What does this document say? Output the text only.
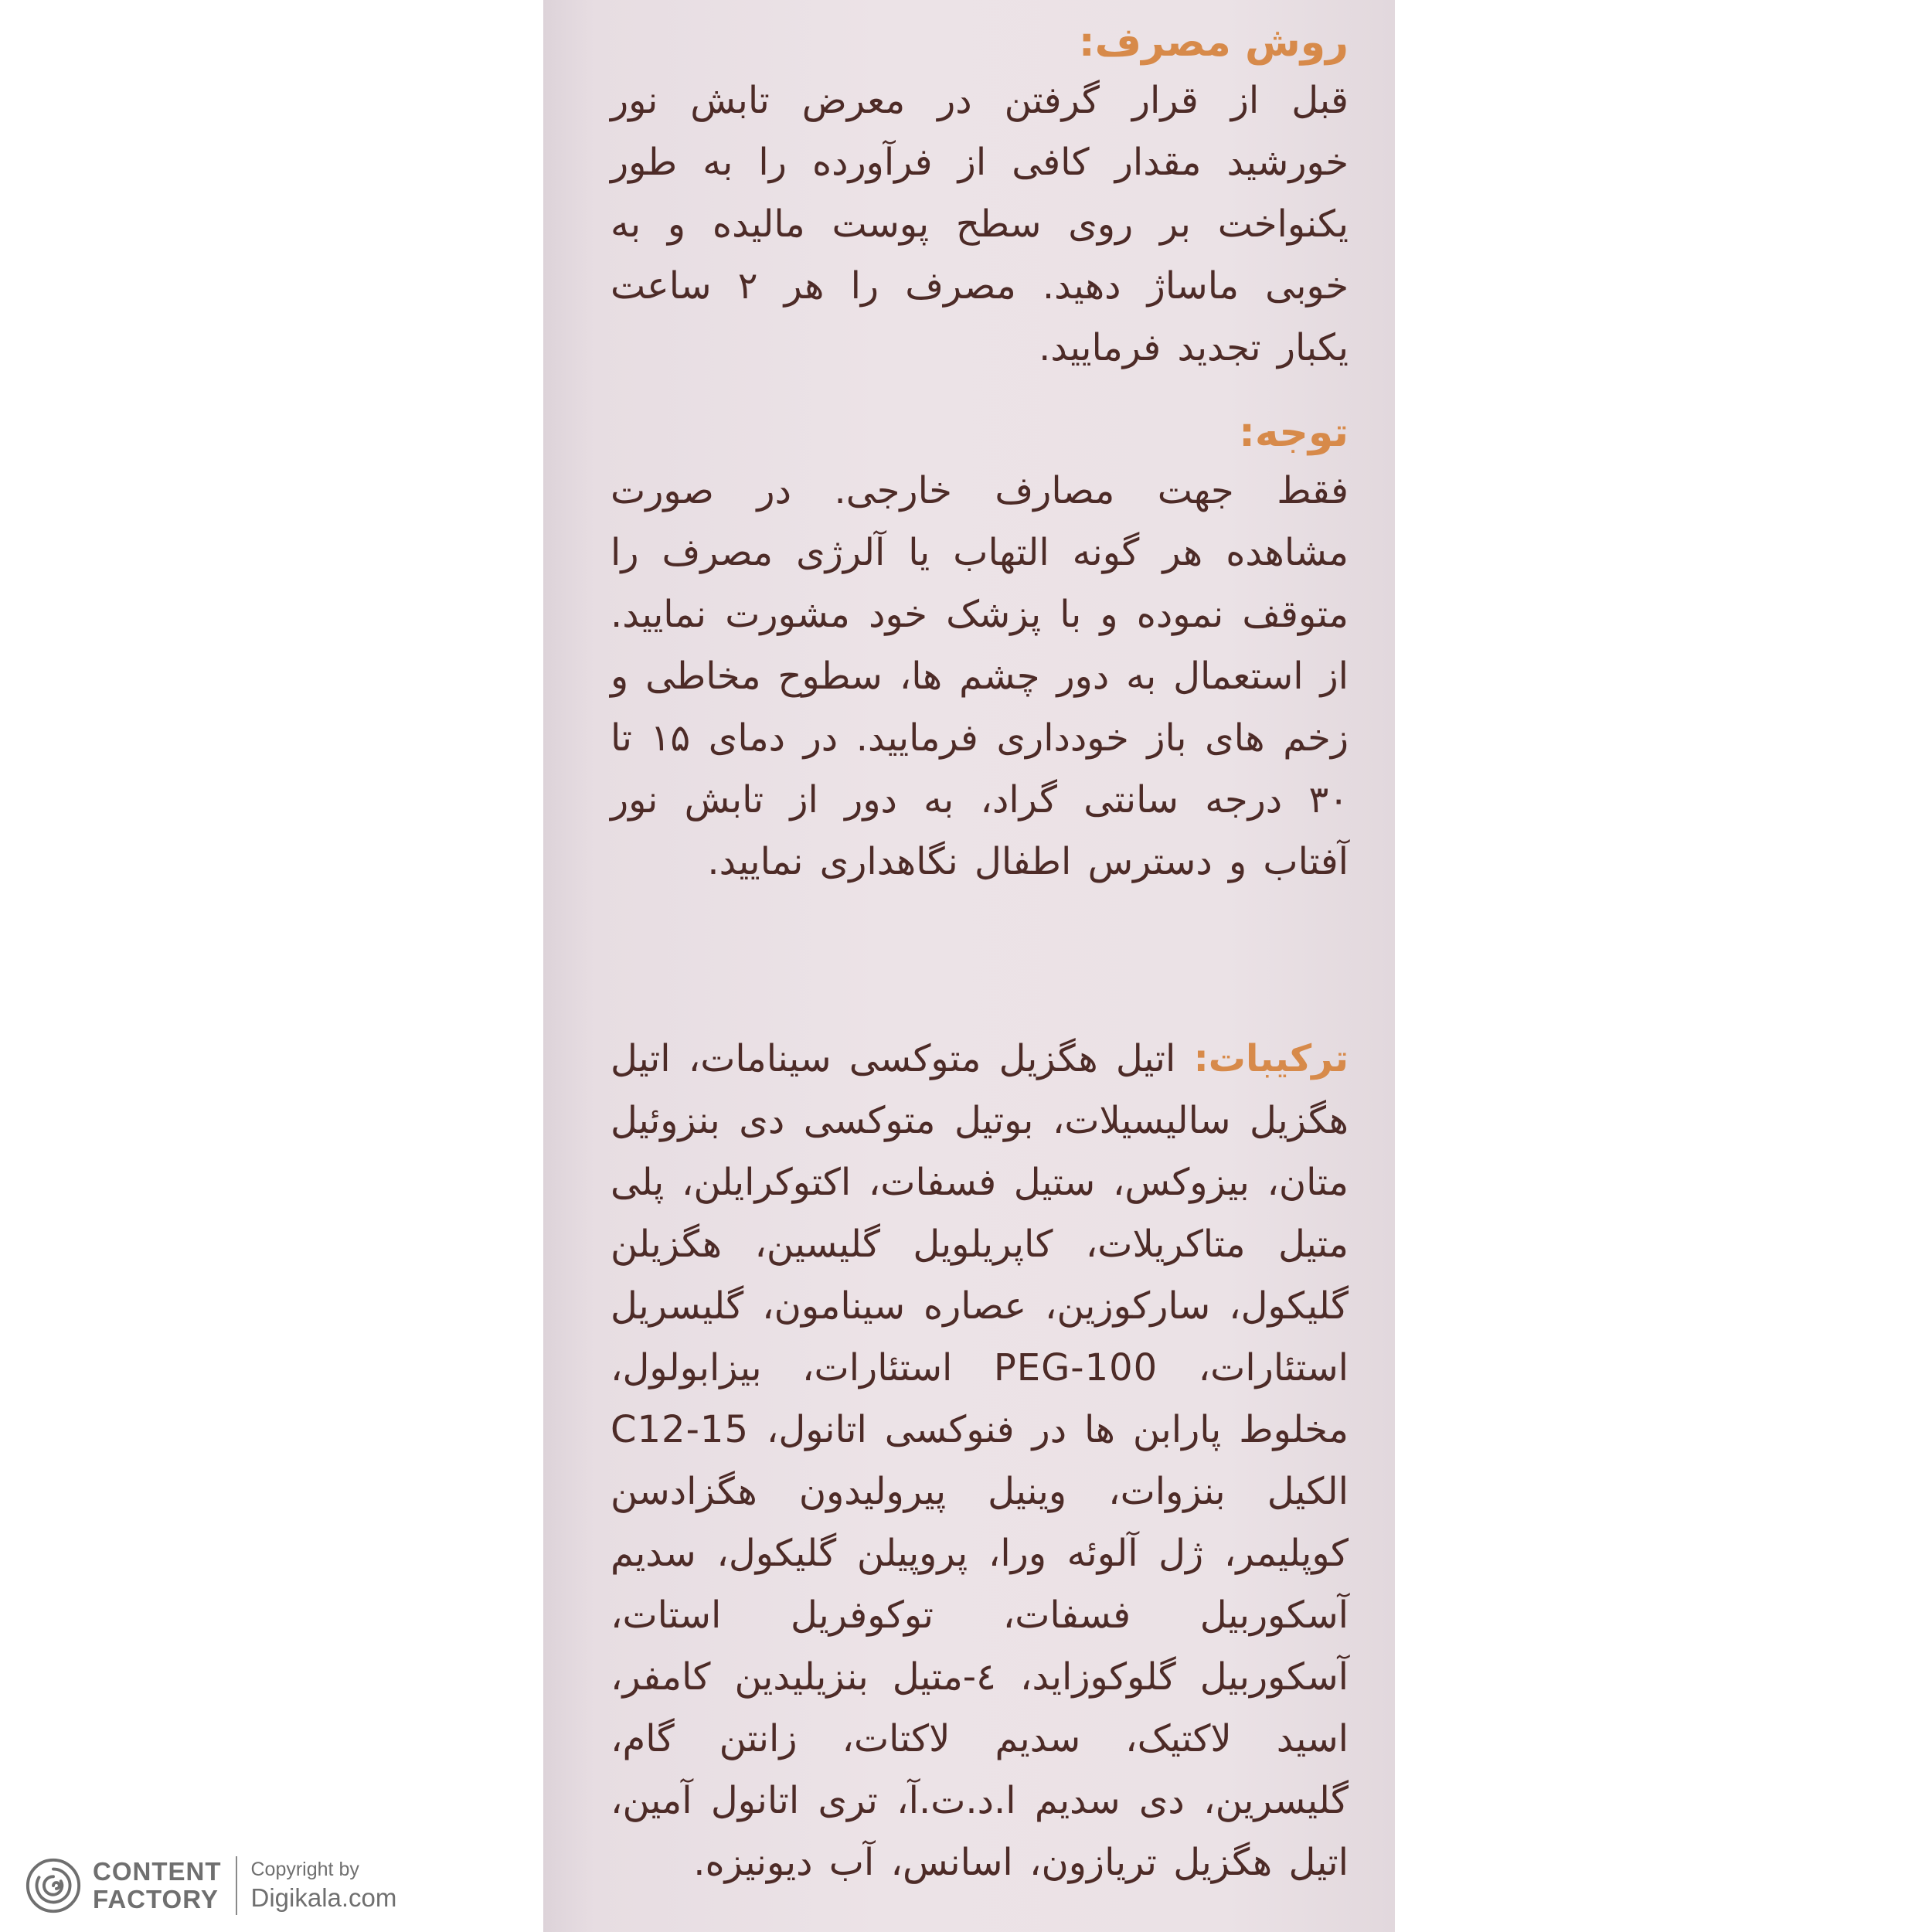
روش مصرف:

قبل از قرار گرفتن در معرض تابش نور خورشید مقدار کافی از فرآورده را به طور یکنواخت بر روی سطح پوست مالیده و به خوبی ماساژ دهید. مصرف را هر ۲ ساعت یکبار تجدید فرمایید.

توجه:

فقط جهت مصارف خارجی. در صورت مشاهده هر گونه التهاب یا آلرژی مصرف را متوقف نموده و با پزشک خود مشورت نمایید. از استعمال به دور چشم ها، سطوح مخاطی و زخم های باز خودداری فرمایید. در دمای ۱۵ تا ۳۰ درجه سانتی گراد، به دور از تابش نور آفتاب و دسترس اطفال نگاهداری نمایید.

ترکیبات: اتیل هگزیل متوکسی سینامات، اتیل هگزیل سالیسیلات، بوتیل متوکسی دی بنزوئیل متان، بیزوکس، ستیل فسفات، اکتوکرایلن، پلی متیل متاکریلات، کاپریلویل گلیسین، هگزیلن گلیکول، سارکوزین، عصاره سینامون، گلیسریل استئارات، PEG-100 استئارات، بیزابولول، مخلوط پارابن ها در فنوکسی اتانول، C12-15 الکیل بنزوات، وینیل پیرولیدون هگزادسن کوپلیمر، ژل آلوئه ورا، پروپیلن گلیکول، سدیم آسکوربیل فسفات، توکوفریل استات، آسکوربیل گلوکوزاید، ٤-متیل بنزیلیدین کامفر، اسید لاکتیک، سدیم لاکتات، زانتن گام، گلیسرین، دی سدیم ا.د.ت.آ، تری اتانول آمین، اتیل هگزیل تریازون، اسانس، آب دیونیزه.

CONTENT
FACTORY
Copyright by
Digikala.com
